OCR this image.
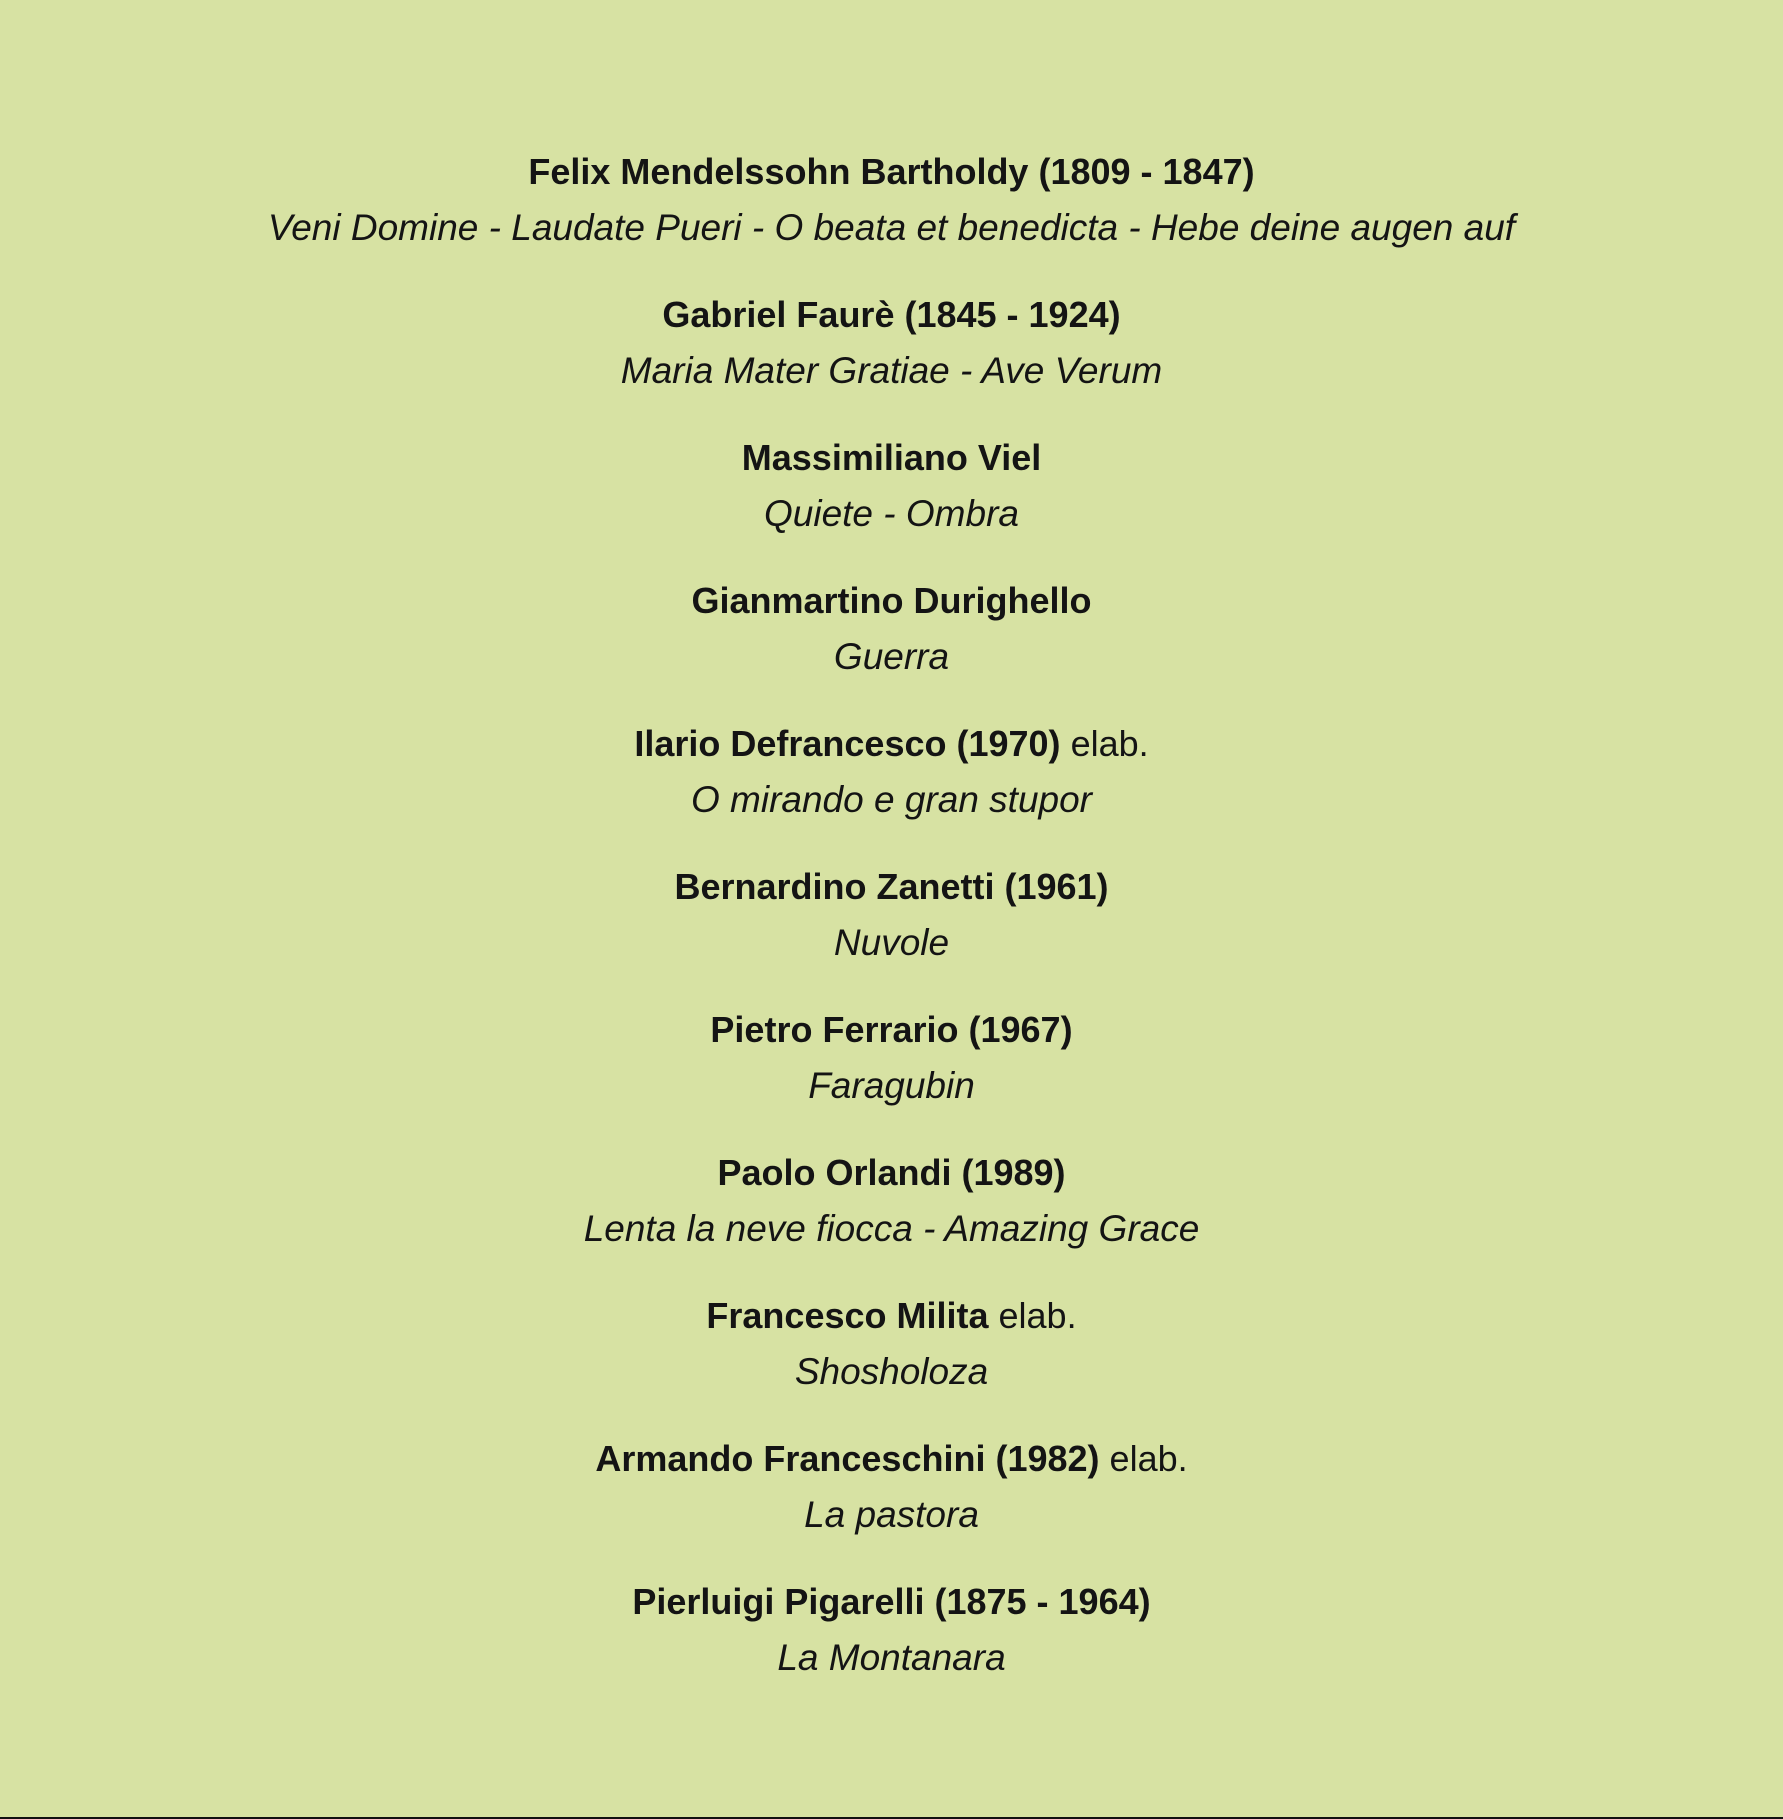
Felix Mendelssohn Bartholdy (1809 - 1847)
Veni Domine - Laudate Pueri - O beata et benedicta - Hebe deine augen auf
Gabriel Faurè (1845 - 1924)
Maria Mater Gratiae - Ave Verum
Massimiliano Viel
Quiete - Ombra
Gianmartino Durighello
Guerra
Ilario Defrancesco (1970) elab.
O mirando e gran stupor
Bernardino Zanetti (1961)
Nuvole
Pietro Ferrario (1967)
Faragubin
Paolo Orlandi (1989)
Lenta la neve fiocca - Amazing Grace
Francesco Milita elab.
Shosholoza
Armando Franceschini (1982) elab.
La pastora
Pierluigi Pigarelli (1875 - 1964)
La Montanara
